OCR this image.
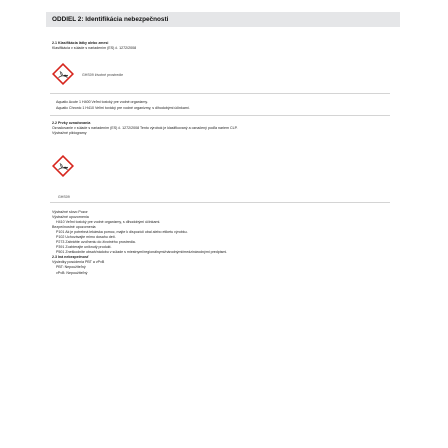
ODDIEL 2: Identifikácia nebezpečnosti
2.1 Klasifikácia látky alebo zmesi
Klasifikácia v súlade s nariadením (ES) č. 1272/2008
GHS09 životné prostredie
Aquatic Acute 1 H400 Veľmi toxický pre vodné organizmy.
Aquatic Chronic 1 H410 Veľmi toxický pre vodné organizmy, s dlhodobými účinkami.
2.2 Prvky označovania
Označovanie v súlade s nariadením (ES) č. 1272/2008 Tento výrobok je klasifikovaný a označený podľa nariem CLP.
Výstražné piktogramy
GHS09
Výstražné slovo Pozor
Výstražné upozornenia
H410 Veľmi toxický pre vodné organizmy, s dlhodobými účinkami.
Bezpečnostné upozornenia
P101 Ak je potrebná lekárska pomoc, majte k dispozícii obal alebo etiketu výrobku.
P102 Uchovávajte mimo dosahu detí.
P273 Zabráňte uvoľneniu do životného prostredia.
P391 Zozbierajte uniknutý produkt.
P501 Zneškodnite obsah/nádobu v súlade s miestnymi/regionálnymi/národnými/medzinárodnými predpismi.
2.3 Iná nebezpečnosť
Výsledky posúdenia PBT a vPvB
PBT: Nepoužiteľný
vPvB: Nepoužiteľný
